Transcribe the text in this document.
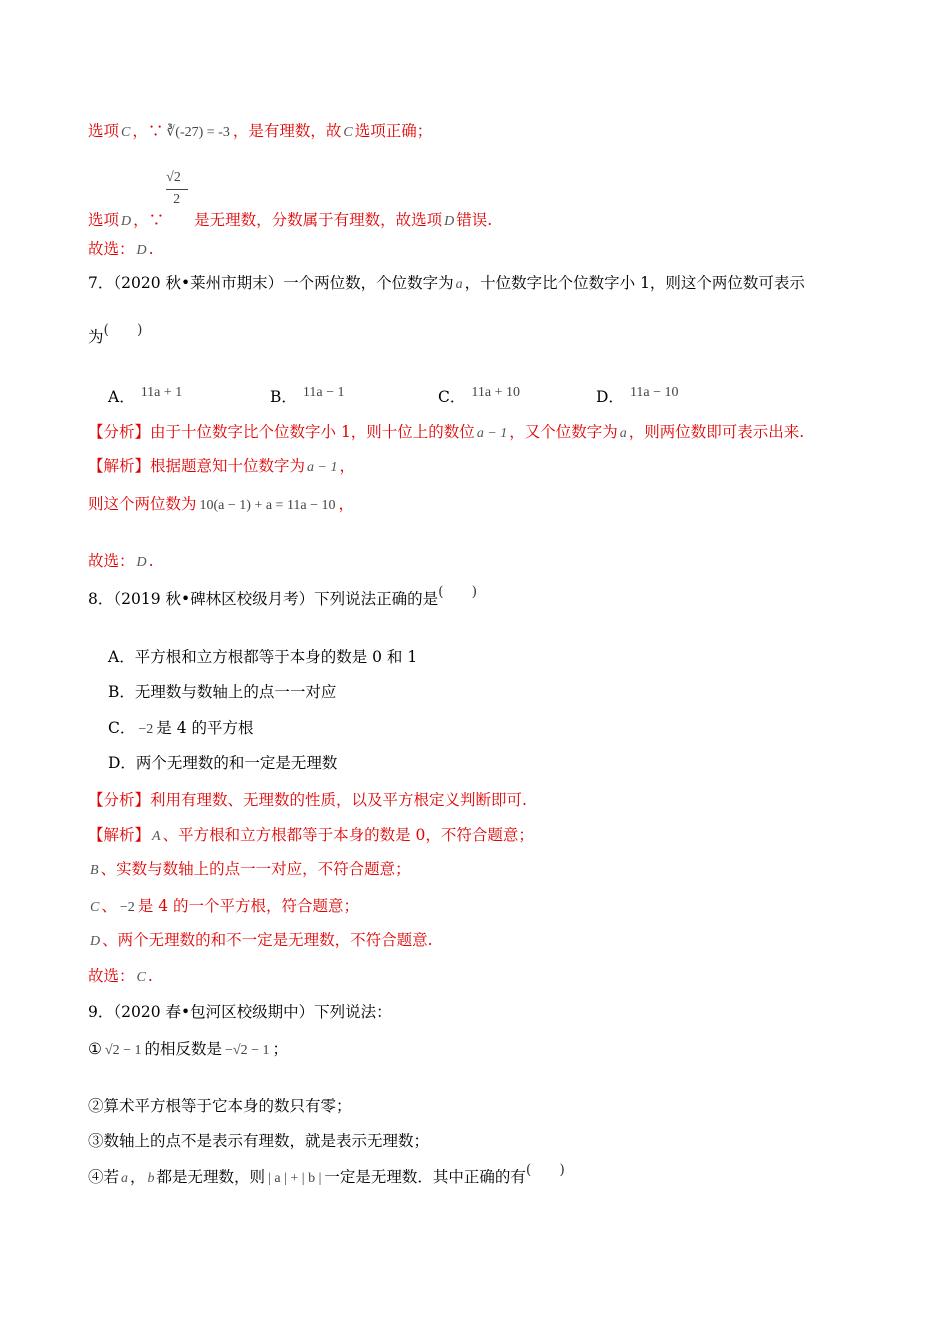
选项 C ，∵ ∛(-27) = -3 ，是有理数，故 C 选项正确；
选项 D ，∵ $\frac{√2}{2}$ 是无理数，分数属于有理数，故选项 D 错误.
故选： D .
7．（2020 秋•莱州市期末）一个两位数，个位数字为 a ，十位数字比个位数字小 1，则这个两位数可表示
为(　　)
A． 11a + 1	B． 11a − 1	C． 11a + 10	D． 11a − 10
【分析】由于十位数字比个位数字小 1，则十位上的数位 a − 1 ，又个位数字为 a ，则两位数即可表示出来.
【解析】根据题意知十位数字为 a − 1 ，
则这个两位数为 10(a − 1) + a = 11a − 10 ，
故选： D .
8．（2019 秋•碑林区校级月考）下列说法正确的是(　　)
A．平方根和立方根都等于本身的数是 0 和 1
B．无理数与数轴上的点一一对应
C． −2 是 4 的平方根
D．两个无理数的和一定是无理数
【分析】利用有理数、无理数的性质，以及平方根定义判断即可.
【解析】 A 、平方根和立方根都等于本身的数是 0，不符合题意；
B 、实数与数轴上的点一一对应，不符合题意；
C 、 −2 是 4 的一个平方根，符合题意；
D 、两个无理数的和不一定是无理数，不符合题意.
故选： C .
9．（2020 春•包河区校级期中）下列说法：
① √2 − 1 的相反数是 −√2 − 1 ；
②算术平方根等于它本身的数只有零；
③数轴上的点不是表示有理数，就是表示无理数；
④若 a ， b 都是无理数，则 | a | + | b | 一定是无理数．其中正确的有(　　)
